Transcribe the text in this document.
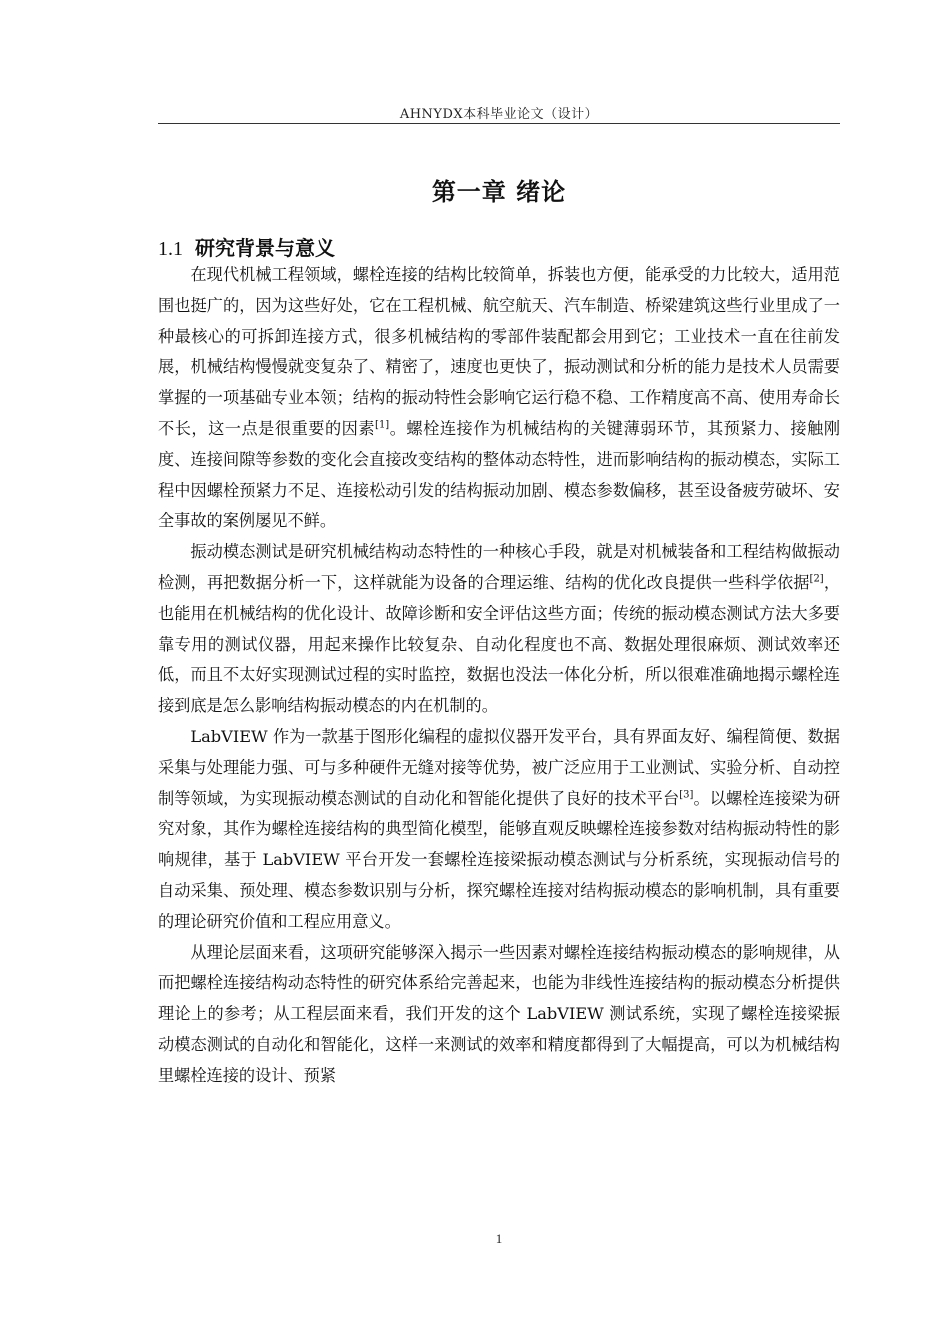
AHNYDX本科毕业论文（设计）
第一章 绪论
1.1 研究背景与意义

在现代机械工程领域，螺栓连接的结构比较简单，拆装也方便，能承受的力比较大，适用范围也挺广的，因为这些好处，它在工程机械、航空航天、汽车制造、桥梁建筑这些行业里成了一种最核心的可拆卸连接方式，很多机械结构的零部件装配都会用到它；工业技术一直在往前发展，机械结构慢慢就变复杂了、精密了，速度也更快了，振动测试和分析的能力是技术人员需要掌握的一项基础专业本领；结构的振动特性会影响它运行稳不稳、工作精度高不高、使用寿命长不长，这一点是很重要的因素[1]。螺栓连接作为机械结构的关键薄弱环节，其预紧力、接触刚度、连接间隙等参数的变化会直接改变结构的整体动态特性，进而影响结构的振动模态，实际工程中因螺栓预紧力不足、连接松动引发的结构振动加剧、模态参数偏移，甚至设备疲劳破坏、安全事故的案例屡见不鲜。

振动模态测试是研究机械结构动态特性的一种核心手段，就是对机械装备和工程结构做振动检测，再把数据分析一下，这样就能为设备的合理运维、结构的优化改良提供一些科学依据[2]，也能用在机械结构的优化设计、故障诊断和安全评估这些方面；传统的振动模态测试方法大多要靠专用的测试仪器，用起来操作比较复杂、自动化程度也不高、数据处理很麻烦、测试效率还低，而且不太好实现测试过程的实时监控，数据也没法一体化分析，所以很难准确地揭示螺栓连接到底是怎么影响结构振动模态的内在机制的。

LabVIEW 作为一款基于图形化编程的虚拟仪器开发平台，具有界面友好、编程简便、数据采集与处理能力强、可与多种硬件无缝对接等优势，被广泛应用于工业测试、实验分析、自动控制等领域，为实现振动模态测试的自动化和智能化提供了良好的技术平台[3]。以螺栓连接梁为研究对象，其作为螺栓连接结构的典型简化模型，能够直观反映螺栓连接参数对结构振动特性的影响规律，基于 LabVIEW 平台开发一套螺栓连接梁振动模态测试与分析系统，实现振动信号的自动采集、预处理、模态参数识别与分析，探究螺栓连接对结构振动模态的影响机制，具有重要的理论研究价值和工程应用意义。

从理论层面来看，这项研究能够深入揭示一些因素对螺栓连接结构振动模态的影响规律，从而把螺栓连接结构动态特性的研究体系给完善起来，也能为非线性连接结构的振动模态分析提供理论上的参考；从工程层面来看，我们开发的这个 LabVIEW 测试系统，实现了螺栓连接梁振动模态测试的自动化和智能化，这样一来测试的效率和精度都得到了大幅提高，可以为机械结构里螺栓连接的设计、预紧

1
